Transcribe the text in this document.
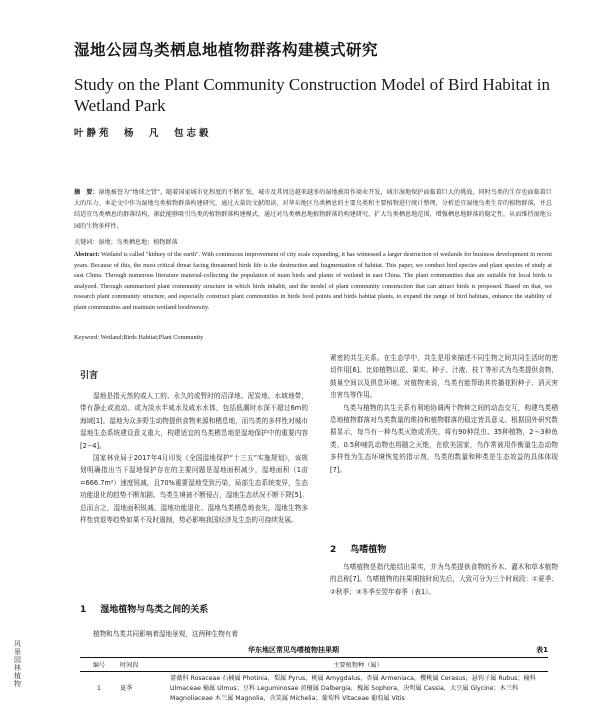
湿地公园鸟类栖息地植物群落构建模式研究
Study on the Plant Community Construction Model of Bird Habitat in Wetland Park
叶静苑　杨　凡　包志毅
摘　要：湿地被誉为“地球之肾”。随着国家城市化程度的不断扩张，城市及其周边越来越多的湿地被用作商业开发，城市湿地保护面临着巨大的挑战，同时鸟类的生存也面临着巨大的压力。本论文中作为湿地鸟类植物群落构建研究，通过大量的文献阅读，对华东地区鸟类栖息的主要鸟类和主要植物进行统计整理，分析适宜湿地鸟类生存的植物群落，并总结适宜鸟类栖息的群落结构，据此能够吸引鸟类的植物群落构建模式，通过对鸟类栖息地植物群落的构建研究，扩大鸟类栖息地范围，增强栖息地群落的稳定性，从而维持湿地公园的生物多样性。
关键词：湿地；鸟类栖息地；植物群落
Abstract: Wetland is called "kidney of the earth". With continuous improvement of city scale expanding, it has witnessed a larger destruction of wetlands for business development in recent years. Because of this, the most critical threat facing threatened birds life is the destruction and fragmentation of habitat. This paper, we conduct bird species and plant species of study at east China. Through numerous literature material-collecting the population of main birds and plants of wetland in east China. The plant communities that are suitable for local birds is analyzed. Through summarized plant community structure in which birds inhabit, and the model of plant community construction that can attract birds is proposed. Based on that, we research plant community structure, and especially construct plant communities in birds food points and birds habitat plants, to expand the range of bird habitats, enhance the stability of plant communities and maintain wetland biodiversity.
Keyword: Wetland;Birds Habitat;Plant Community
引言

湿地是指天然的或人工的、永久的或暂时的沼泽地、泥炭地、水域地带，带有静止或流动、或为淡水半咸水及咸水水体，包括低潮时水深不超过6m的海域[1]。湿地为众多野生动物提供食物来源和栖息地，而鸟类的多样性对城市湿地生态系统建设意义重大，构建适宜的鸟类栖息地是湿地保护中的重要内容[2−4]。

国家林业局于2017年4月印发《全国湿地保护“十三五”实施规划》，该规划明确指出当下湿地保护存在的主要问题是湿地面积减少，湿地面积（1亩=666.7m²）速度锐减，且70%重要湿地受到污染，局部生态系统变异，生态功能退化的趋势不断加剧。鸟类生境被不断侵占，湿地生态状况不断下降[5]。总而言之，湿地面积锐减、湿地功能退化、湿地鸟类栖息地丧失，湿地生物多样性衰退等趋势如果不及时遏制，势必影响我国经济及生态的可持续发展。

1 湿地植物与鸟类之间的关系
植物和鸟类共同影响着湿地景观，这两种生物有着

紧密的共生关系。在生态学中，共生是用来描述不同生物之间共同生活时的密切作用[6]。比如植物以花、果实、种子、汁液、枝丫等形式为鸟类提供食物，鼓巢空间以及俱息环境。对植物来说，鸟类有能帮助其传播花粉种子、消灭害虫害鸟等作用。

鸟类与植物的共生关系有利地协调两个物种之间的动态交互，构建鸟类栖息地植物群落对鸟类数量的维持和植物群落的稳定皆具意义。根据国外研究数据显示，每当有一种鸟类灭绝或消失，将有90种昆虫、35种植物，2～3种鱼类、0.5种哺乳动物也将随之灭绝，在欧美国家，鸟作常被用作衡量生态动物多样性为生态环境恢复的指示剂，鸟类的数量和种类是生态效益的具体体现[7]。

2 鸟嗜植物

鸟嗜植物是指代能结出果实，并为鸟类提供食物的乔木、灌木和草本植物的总称[7]。鸟嗜植物的挂果期按时间先后，大致可分为三个时间段：①夏季；②秋季；③冬季至翌年春季（表1）。

风景园林植物
华东地区常见鸟嗜植物挂果期	表1
编号	时间段	主要植物种（属）
1	夏季	蔷薇科 Rosaceae 石楠属 Photinia，梨属 Pyrus，桃属 Amygdalus，杏属 Armeniaca，樱桃属 Cerasus，悬钩子属 Rubus；榆科 Ulmaceae 榆属 Ulmus；豆科 Leguminosae 黄檀属 Dalbergia，槐属 Sophora，决明属 Cassia，大豆属 Glycine；木兰科 Magnoliaceae 木兰属 Magnolia，含笑属 Michelia；葡萄科 Vitaceae 葡萄属 Vitis
